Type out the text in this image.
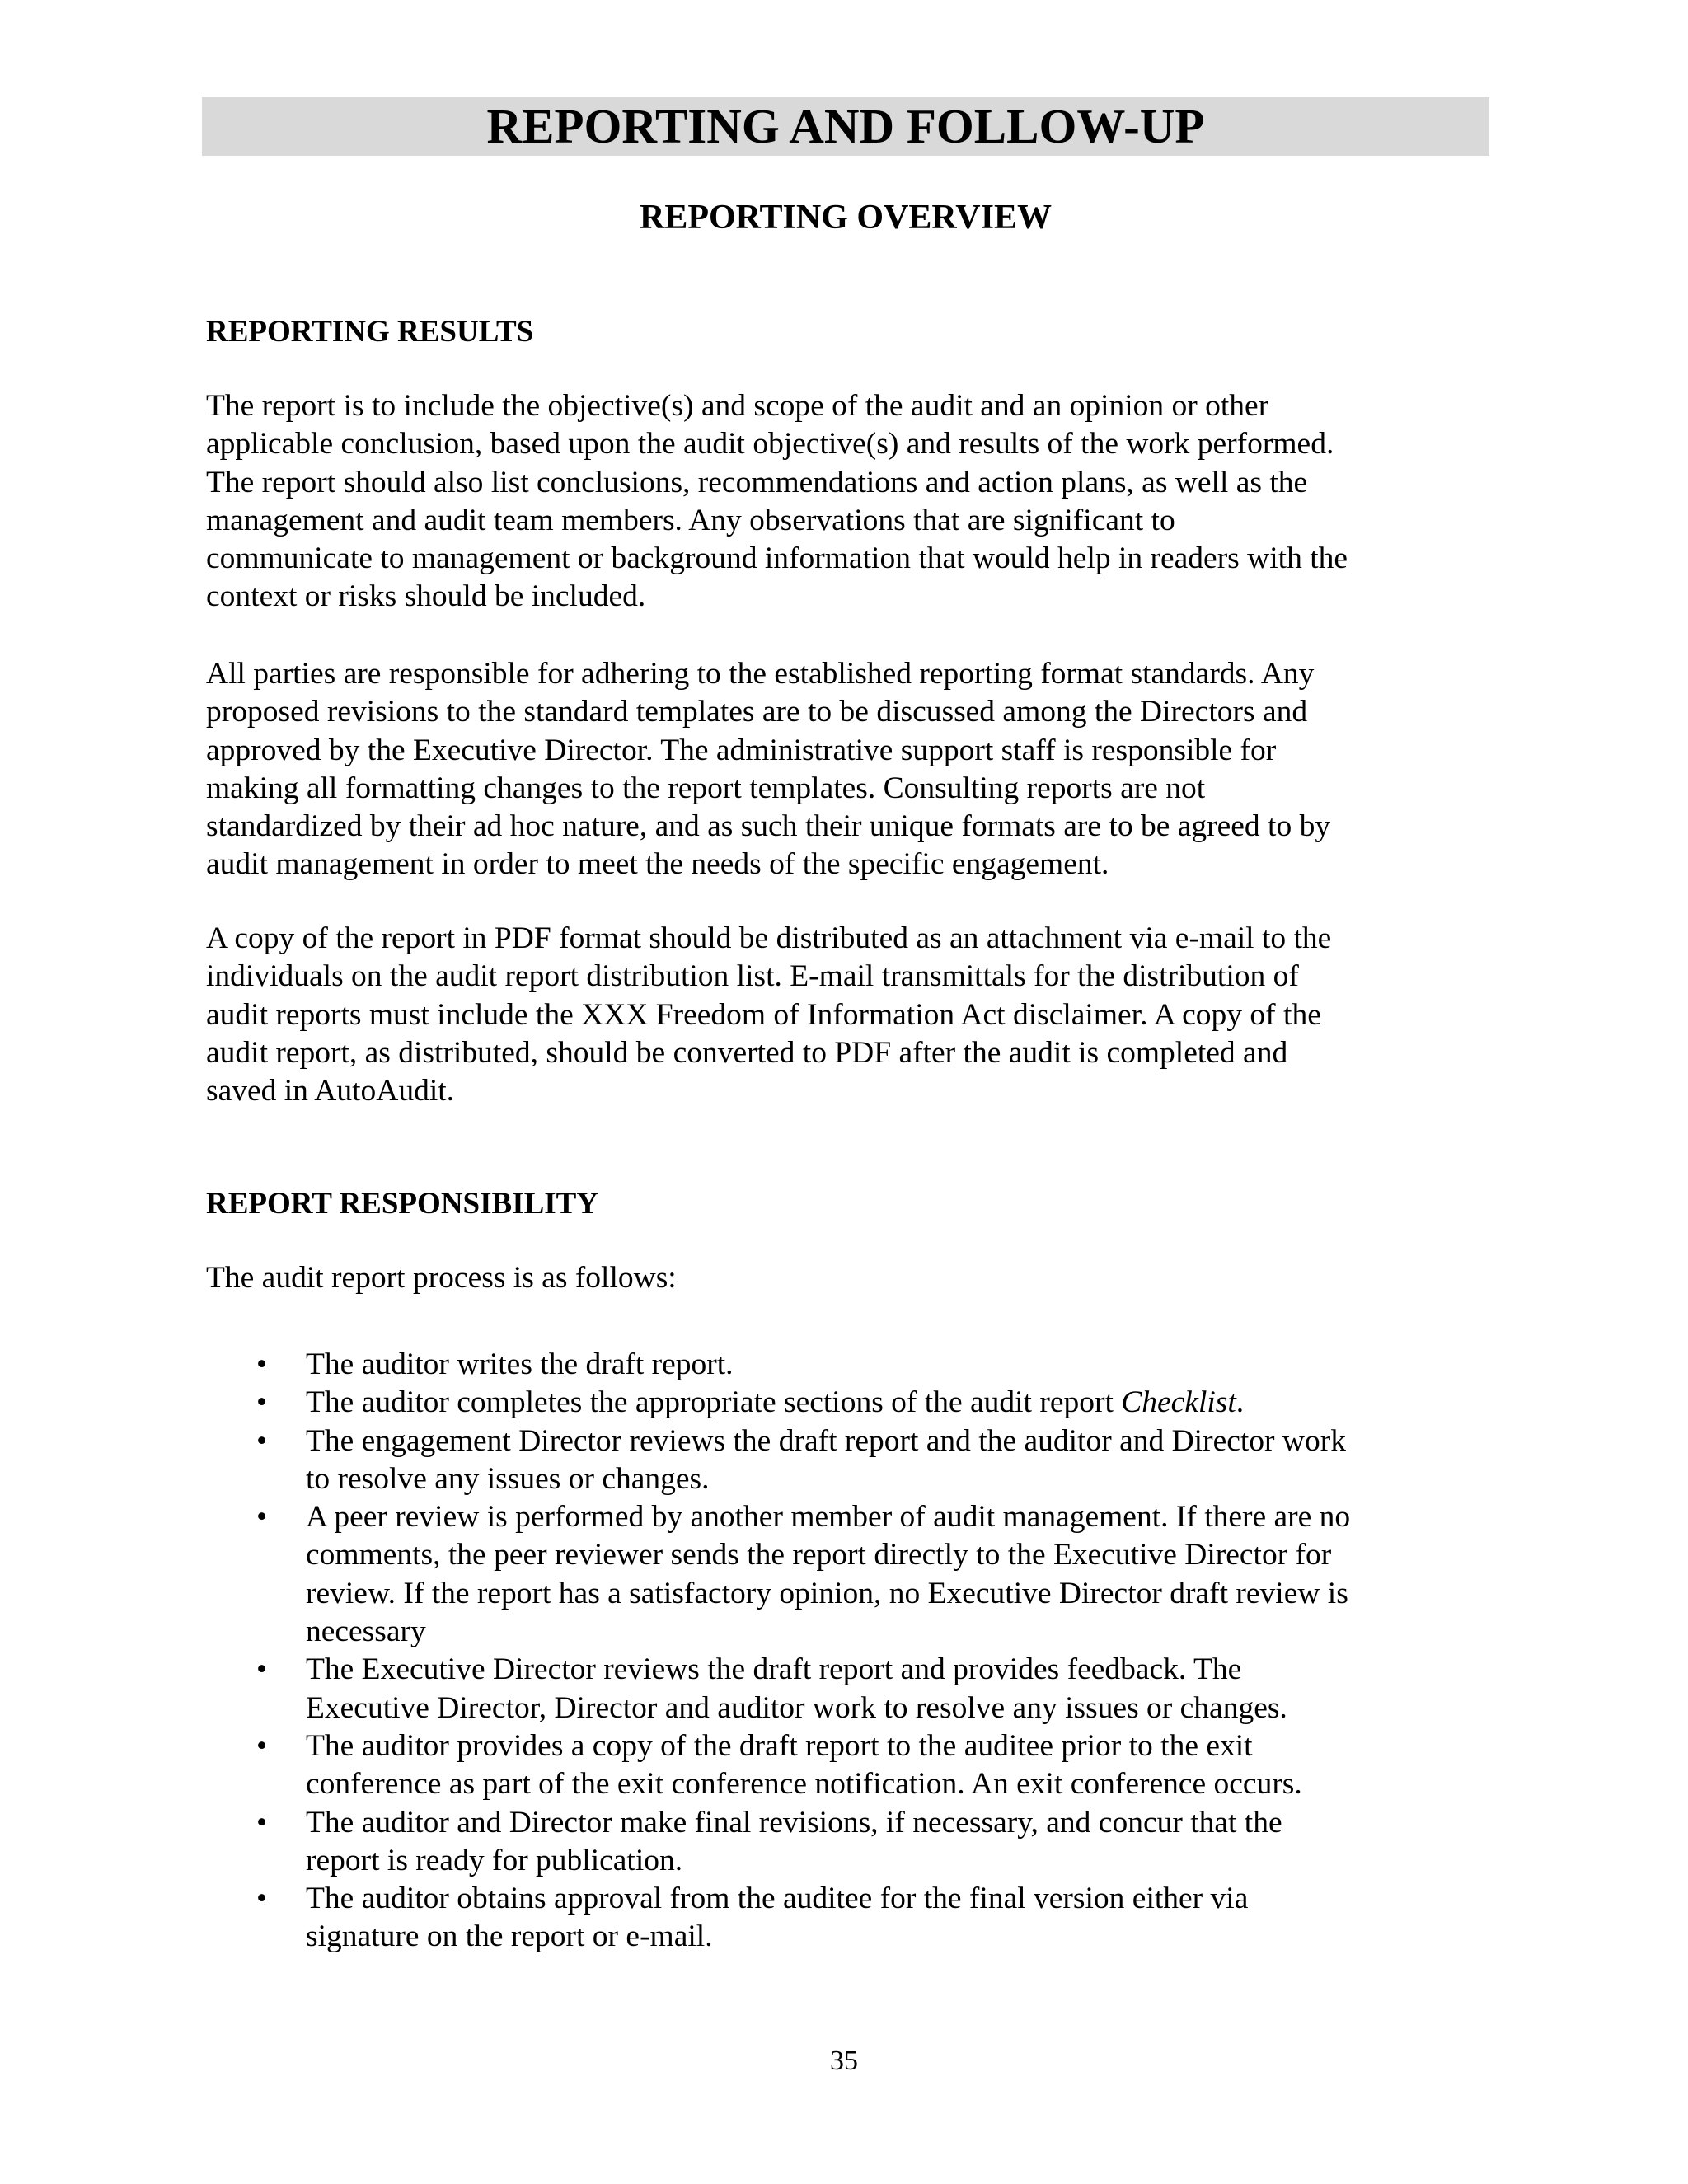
REPORTING AND FOLLOW-UP
REPORTING OVERVIEW
REPORTING RESULTS

The report is to include the objective(s) and scope of the audit and an opinion or other
applicable conclusion, based upon the audit objective(s) and results of the work performed.
The report should also list conclusions, recommendations and action plans, as well as the
management and audit team members. Any observations that are significant to
communicate to management or background information that would help in readers with the
context or risks should be included.

All parties are responsible for adhering to the established reporting format standards. Any
proposed revisions to the standard templates are to be discussed among the Directors and
approved by the Executive Director. The administrative support staff is responsible for
making all formatting changes to the report templates. Consulting reports are not
standardized by their ad hoc nature, and as such their unique formats are to be agreed to by
audit management in order to meet the needs of the specific engagement.

A copy of the report in PDF format should be distributed as an attachment via e-mail to the
individuals on the audit report distribution list. E-mail transmittals for the distribution of
audit reports must include the XXX Freedom of Information Act disclaimer. A copy of the
audit report, as distributed, should be converted to PDF after the audit is completed and
saved in AutoAudit.

REPORT RESPONSIBILITY

The audit report process is as follows:

•	The auditor writes the draft report.
•	The auditor completes the appropriate sections of the audit report Checklist.
•	The engagement Director reviews the draft report and the auditor and Director work
to resolve any issues or changes.
•	A peer review is performed by another member of audit management. If there are no
comments, the peer reviewer sends the report directly to the Executive Director for
review. If the report has a satisfactory opinion, no Executive Director draft review is
necessary
•	The Executive Director reviews the draft report and provides feedback. The
Executive Director, Director and auditor work to resolve any issues or changes.
•	The auditor provides a copy of the draft report to the auditee prior to the exit
conference as part of the exit conference notification. An exit conference occurs.
•	The auditor and Director make final revisions, if necessary, and concur that the
report is ready for publication.
•	The auditor obtains approval from the auditee for the final version either via
signature on the report or e-mail.

35
